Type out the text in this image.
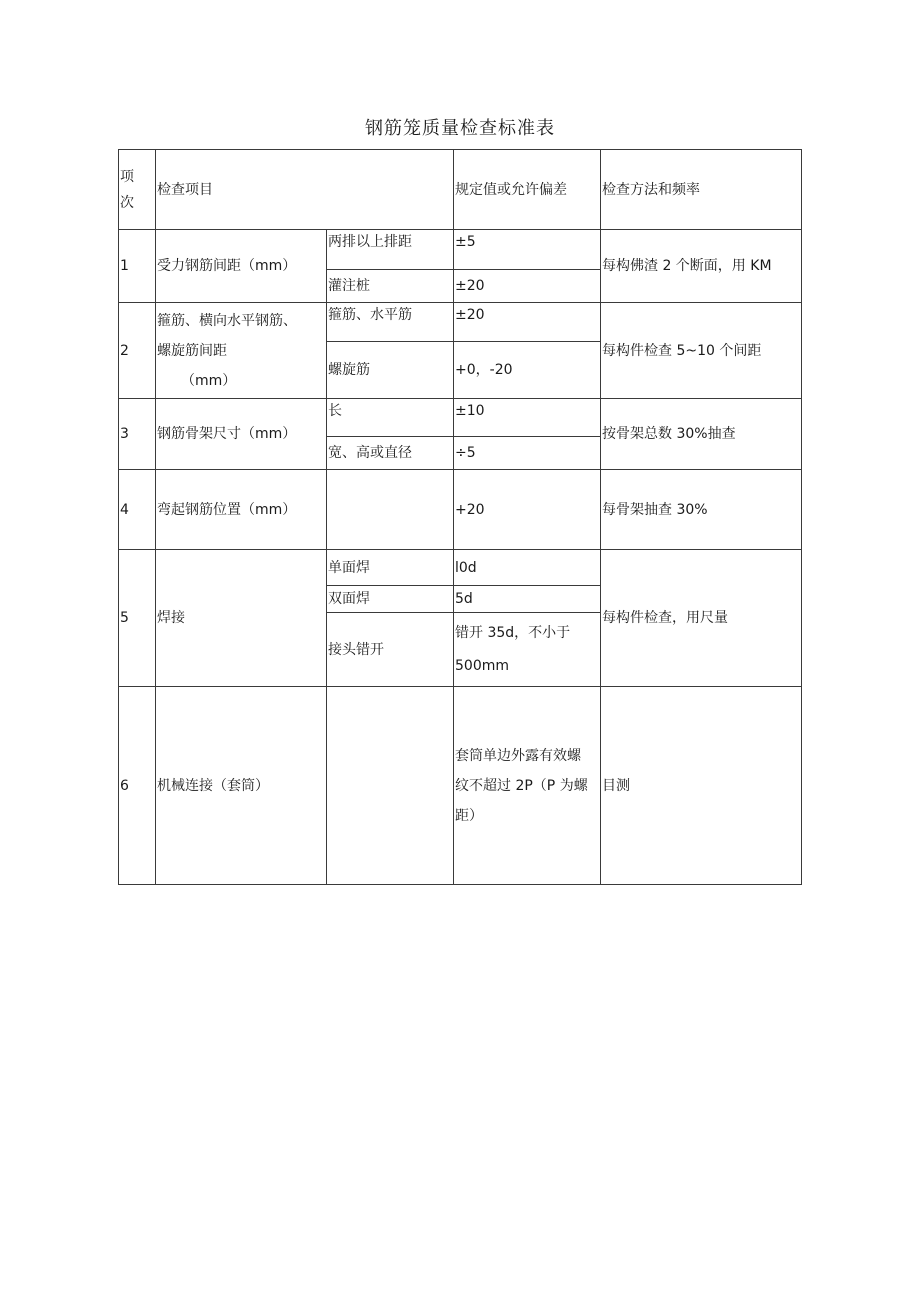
钢筋笼质量检查标准表
项
次	检查项目		规定值或允许偏差	检查方法和频率
1	受力钢筋间距（mm）	两排以上排距	±5	每构佛渣 2 个断面，用 KM
		灌注桩	±20	
2	箍筋、横向水平钢筋、
螺旋筋间距
（mm）	箍筋、水平筋	±20	每构件检查 5~10 个间距
		螺旋筋	+0，-20	
3	钢筋骨架尺寸（mm）	长	±10	按骨架总数 30%抽查
		宽、高或直径	÷5	
4	弯起钢筋位置（mm）		+20	每骨架抽查 30%
5	焊接	单面焊	l0d	每构件检查，用尺量
		双面焊	5d	
		接头错开	错开 35d，不小于
500mm	
6	机械连接（套筒）		套筒单边外露有效螺
纹不超过 2P（P 为螺
距）	目测
